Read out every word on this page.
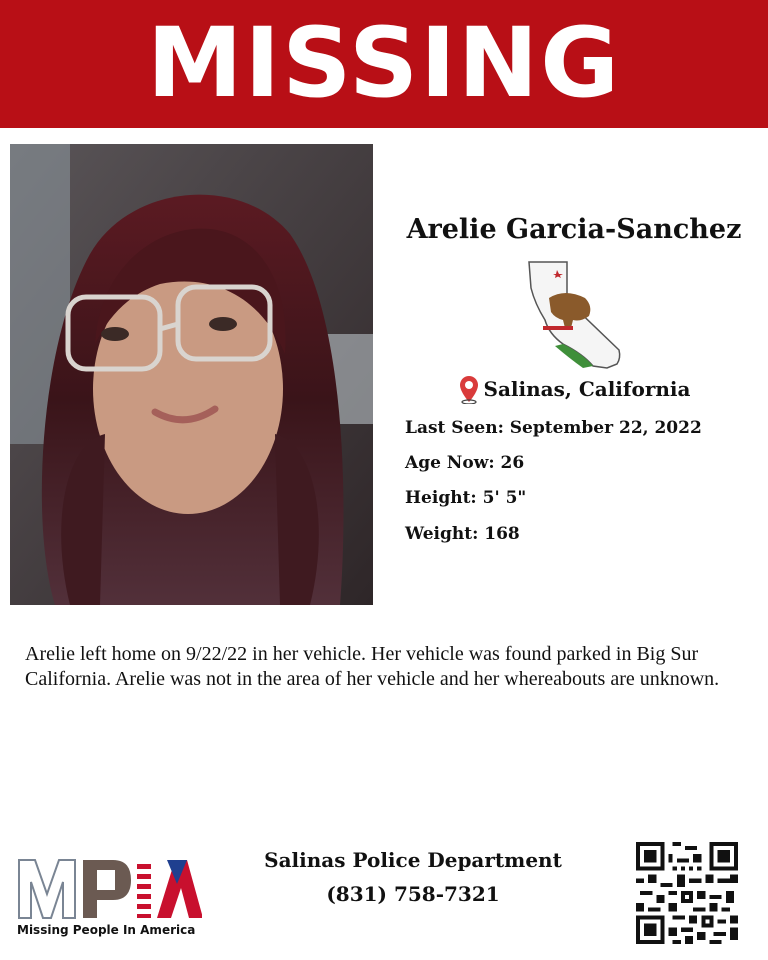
MISSING
Arelie Garcia-Sanchez
Salinas, California
Last Seen: September 22, 2022
Age Now: 26
Height: 5' 5"
Weight: 168
Arelie left home on 9/22/22 in her vehicle. Her vehicle was found parked in Big Sur California. Arelie was not in the area of her vehicle and her whereabouts are unknown.
Missing People In America
Salinas Police Department
(831) 758-7321
